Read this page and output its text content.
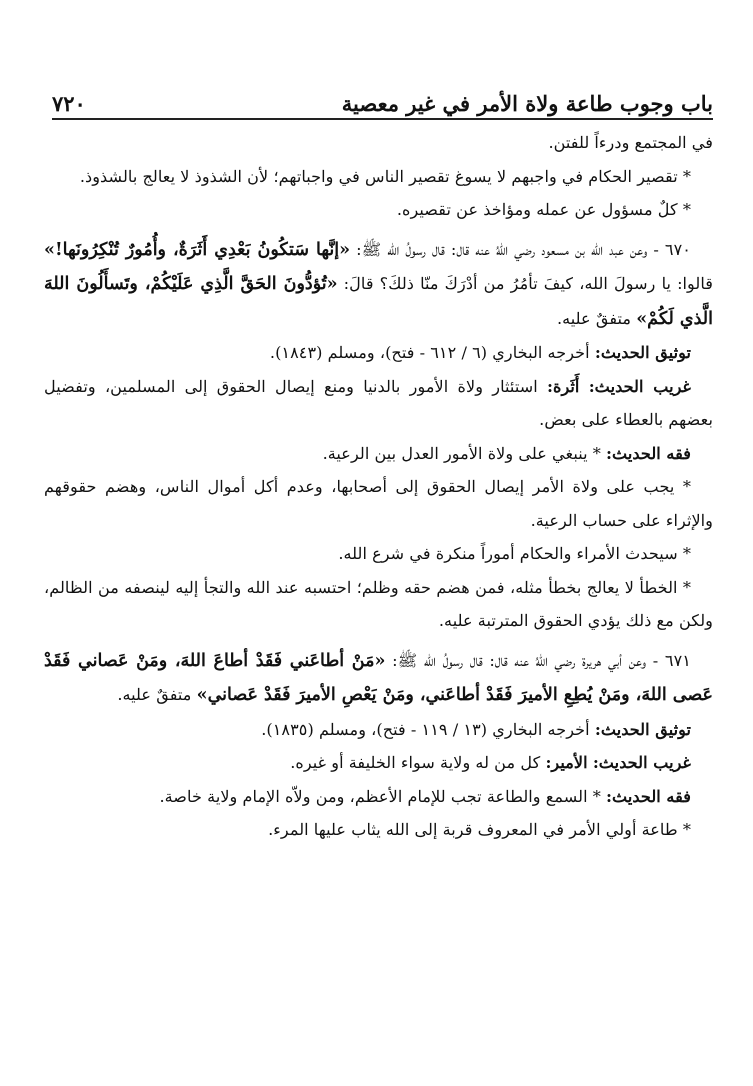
باب وجوب طاعة ولاة الأمر في غير معصية
٧٢٠

في المجتمع ودرءاً للفتن.

* تقصير الحكام في واجبهم لا يسوغ تقصير الناس في واجباتهم؛ لأن الشذوذ لا يعالج بالشذوذ.

* كلٌ مسؤول عن عمله ومؤاخذ عن تقصيره.

٦٧٠ - وعن عبد الله بن مسعود رضي اللهُ عنه قال: قال رسولُ الله ﷺ: «إنَّها سَتكُونُ بَعْدِي أَثَرَةٌ، وأُمُورٌ تُنْكِرُونَها!» قالوا: يا رسولَ الله، كيفَ تأمُرُ من أدْرَكَ منّا ذلكَ؟ قالَ: «تُؤدُّونَ الحَقَّ الَّذِي عَلَيْكُمْ، وتَسأَلُونَ اللهَ الَّذي لَكُمْ» متفقٌ عليه.

توثيق الحديث: أخرجه البخاري (٦ / ٦١٢ - فتح)، ومسلم (١٨٤٣).

غريب الحديث: أَثَرة: استئثار ولاة الأمور بالدنيا ومنع إيصال الحقوق إلى المسلمين، وتفضيل بعضهم بالعطاء على بعض.

فقه الحديث: * ينبغي على ولاة الأمور العدل بين الرعية.

* يجب على ولاة الأمر إيصال الحقوق إلى أصحابها، وعدم أكل أموال الناس، وهضم حقوقهم والإثراء على حساب الرعية.

* سيحدث الأمراء والحكام أموراً منكرة في شرع الله.

* الخطأ لا يعالج بخطأ مثله، فمن هضم حقه وظلم؛ احتسبه عند الله والتجأ إليه لينصفه من الظالم، ولكن مع ذلك يؤدي الحقوق المترتبة عليه.

٦٧١ - وعن أبي هريرة رضي اللهُ عنه قال: قال رسولُ الله ﷺ: «مَنْ أطاعَني فَقَدْ أطاعَ اللهَ، ومَنْ عَصاني فَقَدْ عَصى اللهَ، ومَنْ يُطِعِ الأميرَ فَقَدْ أطاعَني، ومَنْ يَعْصِ الأميرَ فَقَدْ عَصاني» متفقٌ عليه.

توثيق الحديث: أخرجه البخاري (١٣ / ١١٩ - فتح)، ومسلم (١٨٣٥).

غريب الحديث: الأمير: كل من له ولاية سواء الخليفة أو غيره.

فقه الحديث: * السمع والطاعة تجب للإمام الأعظم، ومن ولاّه الإمام ولاية خاصة.

* طاعة أولي الأمر في المعروف قربة إلى الله يثاب عليها المرء.
